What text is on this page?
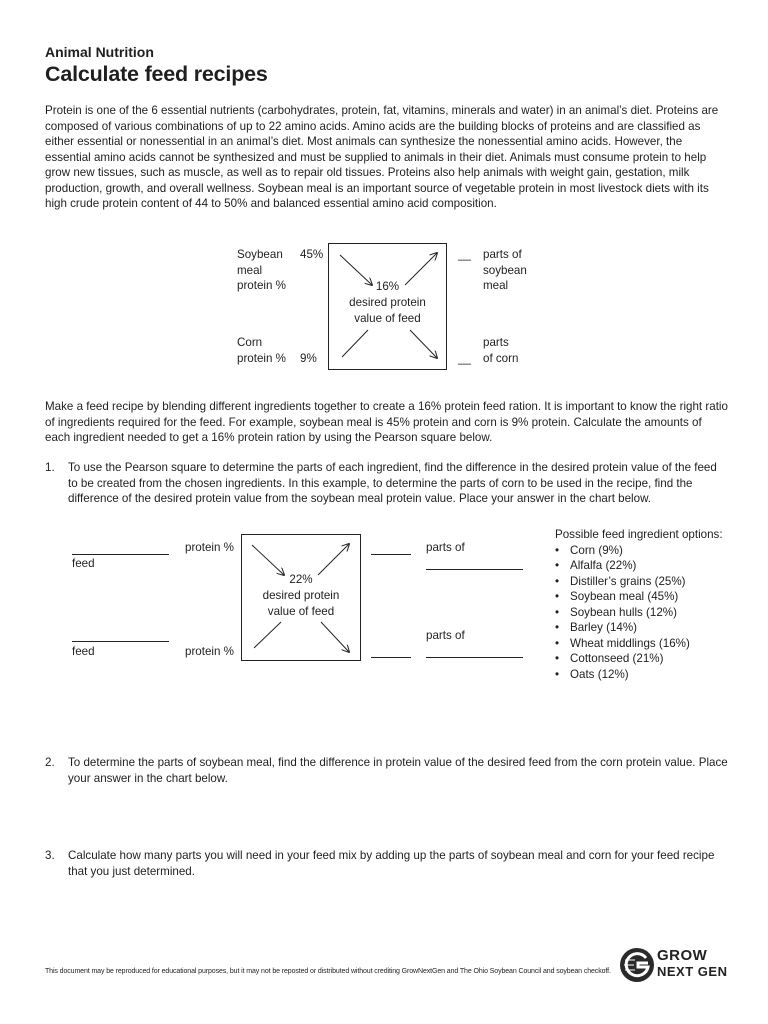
Animal Nutrition
Calculate feed recipes
Protein is one of the 6 essential nutrients (carbohydrates, protein, fat, vitamins, minerals and water) in an animal’s diet. Proteins are composed of various combinations of up to 22 amino acids. Amino acids are the building blocks of proteins and are classified as either essential or nonessential in an animal’s diet. Most animals can synthesize the nonessential amino acids. However, the essential amino acids cannot be synthesized and must be supplied to animals in their diet. Animals must consume protein to help grow new tissues, such as muscle, as well as to repair old tissues. Proteins also help animals with weight gain, gestation, milk production, growth, and overall wellness. Soybean meal is an important source of vegetable protein in most livestock diets with its high crude protein content of 44 to 50% and balanced essential amino acid composition.
Soybean
meal
protein %
45%
Corn
protein % 9%
16%
desired protein
value of feed
__ parts of
soybean
meal
parts
__ of corn
Make a feed recipe by blending different ingredients together to create a 16% protein feed ration. It is important to know the right ratio of ingredients required for the feed. For example, soybean meal is 45% protein and corn is 9% protein. Calculate the amounts of each ingredient needed to get a 16% protein ration by using the Pearson square below.
1. To use the Pearson square to determine the parts of each ingredient, find the difference in the desired protein value of the feed to be created from the chosen ingredients. In this example, to determine the parts of corn to be used in the recipe, find the difference of the desired protein value from the soybean meal protein value. Place your answer in the chart below.
feed
protein %
feed	protein %
22%
desired protein
value of feed
parts of
parts of
Possible feed ingredient options:
• Corn (9%)
• Alfalfa (22%)
• Distiller’s grains (25%)
• Soybean meal (45%)
• Soybean hulls (12%)
• Barley (14%)
• Wheat middlings (16%)
• Cottonseed (21%)
• Oats (12%)
2. To determine the parts of soybean meal, find the difference in protein value of the desired feed from the corn protein value. Place your answer in the chart below.
3. Calculate how many parts you will need in your feed mix by adding up the parts of soybean meal and corn for your feed recipe that you just determined.
This document may be reproduced for educational purposes, but it may not be reposted or distributed without crediting GrowNextGen and The Ohio Soybean Council and soybean checkoff.
GROW
NEXT GEN
